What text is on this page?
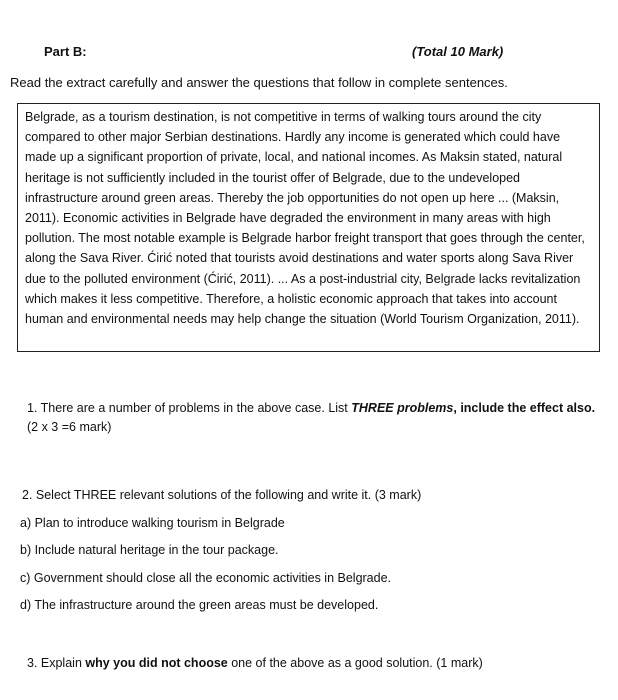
Part B:	(Total 10 Mark)
Read the extract carefully and answer the questions that follow in complete sentences.
Belgrade, as a tourism destination, is not competitive in terms of walking tours around the city compared to other major Serbian destinations. Hardly any income is generated which could have made up a significant proportion of private, local, and national incomes. As Maksin stated, natural heritage is not sufficiently included in the tourist offer of Belgrade, due to the undeveloped infrastructure around green areas. Thereby the job opportunities do not open up here ... (Maksin, 2011). Economic activities in Belgrade have degraded the environment in many areas with high pollution. The most notable example is Belgrade harbor freight transport that goes through the center, along the Sava River. Ćirić noted that tourists avoid destinations and water sports along Sava River due to the polluted environment (Ćirić, 2011). ... As a post-industrial city, Belgrade lacks revitalization which makes it less competitive. Therefore, a holistic economic approach that takes into account human and environmental needs may help change the situation (World Tourism Organization, 2011).
1. There are a number of problems in the above case. List THREE problems, include the effect also. (2 x 3 =6 mark)
2. Select THREE relevant solutions of the following and write it. (3 mark)
a) Plan to introduce walking tourism in Belgrade
b) Include natural heritage in the tour package.
c) Government should close all the economic activities in Belgrade.
d) The infrastructure around the green areas must be developed.
3. Explain why you did not choose one of the above as a good solution. (1 mark)
